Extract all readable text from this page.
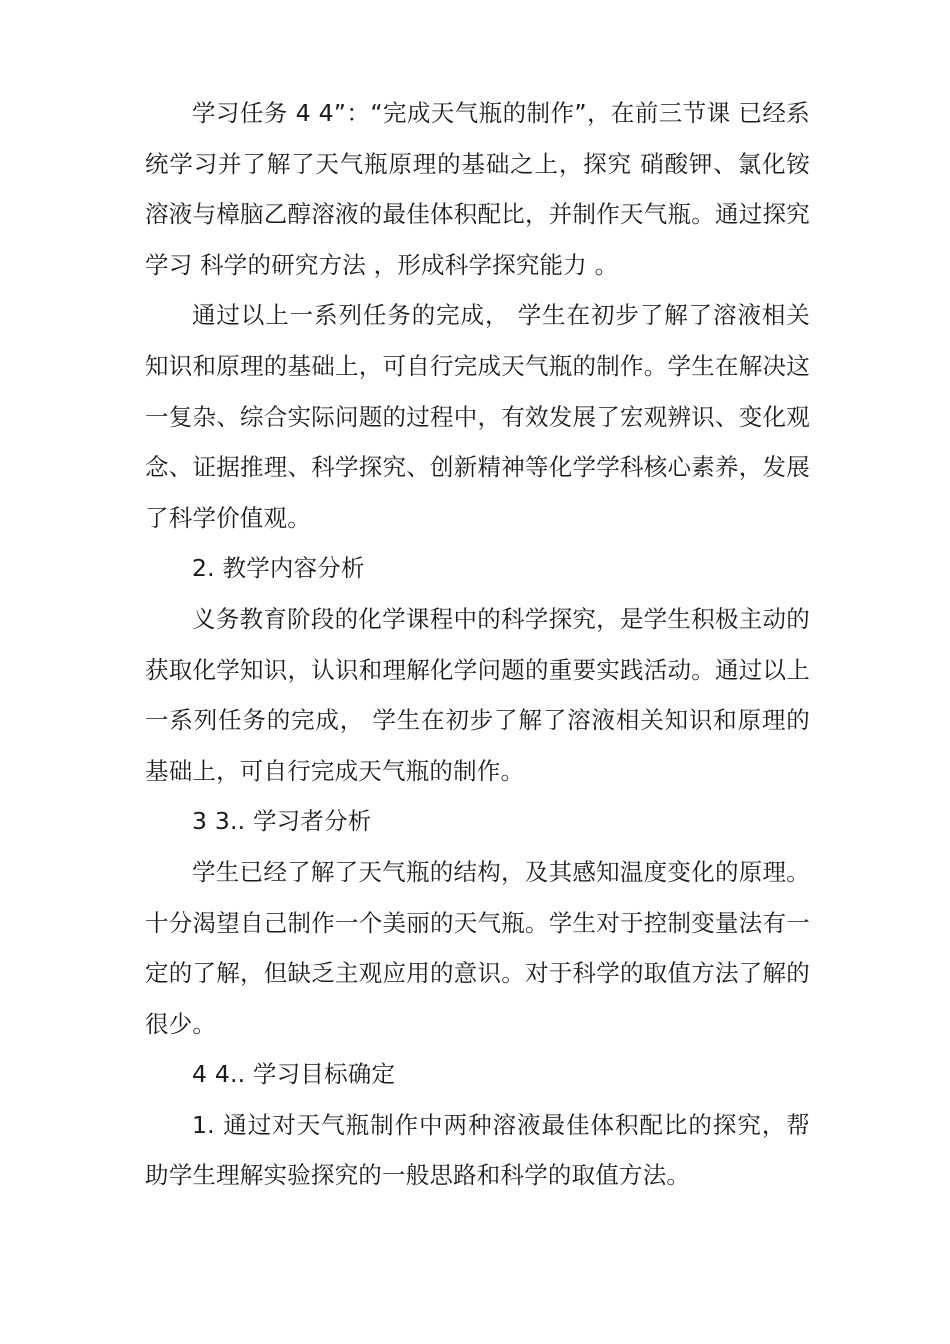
学习任务 4 4”：“完成天气瓶的制作”，在前三节课 已经系统学习并了解了天气瓶原理的基础之上，探究 硝酸钾、氯化铵 溶液与樟脑乙醇溶液的最佳体积配比，并制作天气瓶。通过探究学习 科学的研究方法 ，形成科学探究能力 。

通过以上一系列任务的完成， 学生在初步了解了溶液相关知识和原理的基础上，可自行完成天气瓶的制作。学生在解决这一复杂、综合实际问题的过程中，有效发展了宏观辨识、变化观念、证据推理、科学探究、创新精神等化学学科核心素养，发展了科学价值观。

2. 教学内容分析

义务教育阶段的化学课程中的科学探究，是学生积极主动的获取化学知识，认识和理解化学问题的重要实践活动。通过以上一系列任务的完成， 学生在初步了解了溶液相关知识和原理的基础上，可自行完成天气瓶的制作。

3 3.. 学习者分析

学生已经了解了天气瓶的结构，及其感知温度变化的原理。十分渴望自己制作一个美丽的天气瓶。学生对于控制变量法有一定的了解，但缺乏主观应用的意识。对于科学的取值方法了解的很少。

4 4.. 学习目标确定

1. 通过对天气瓶制作中两种溶液最佳体积配比的探究，帮助学生理解实验探究的一般思路和科学的取值方法。
